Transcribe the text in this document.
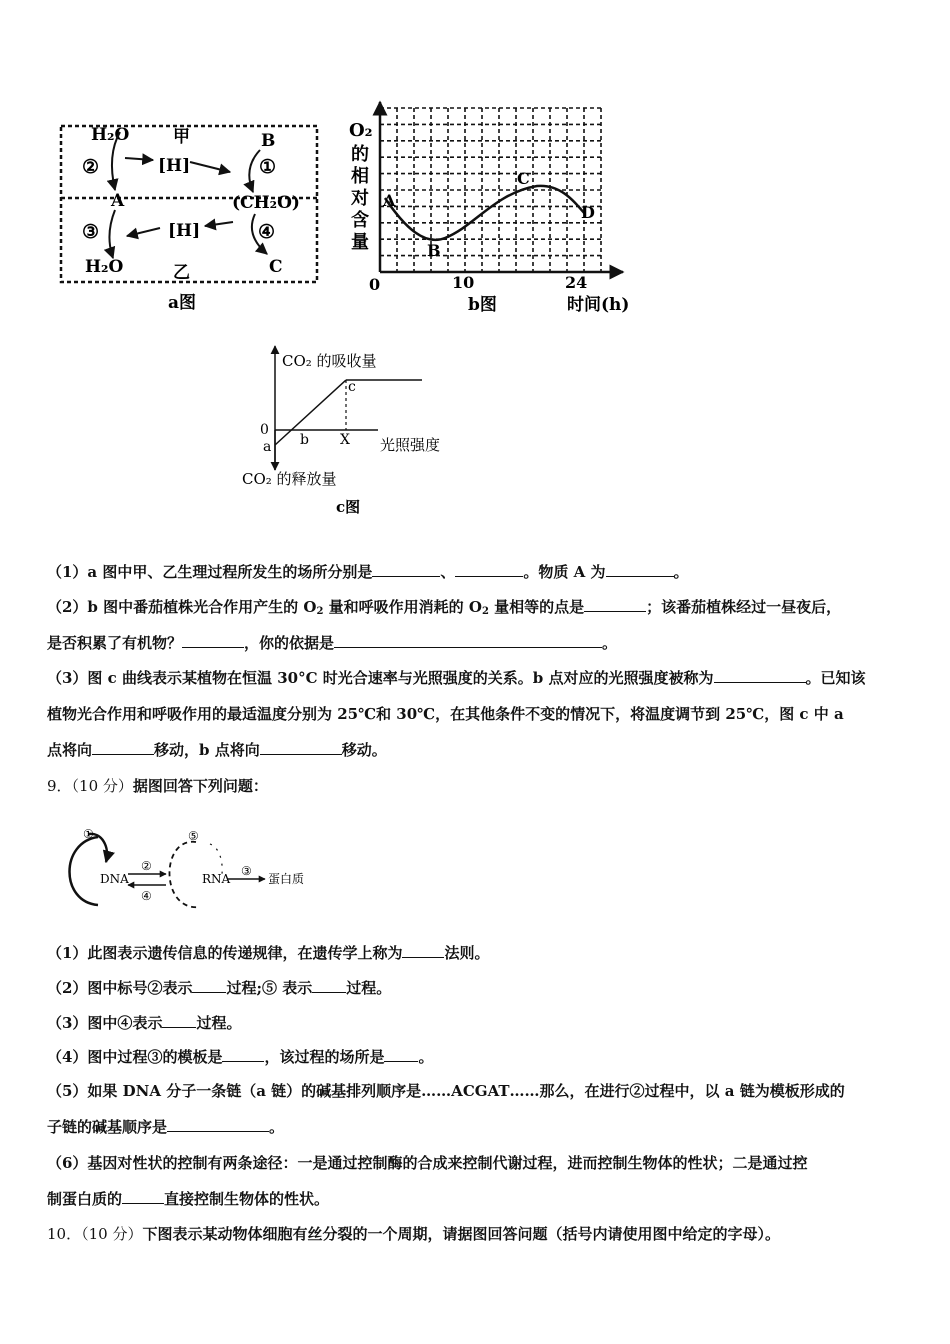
H₂O	甲	B
②	[H]	①
A	(CH₂O)
③	[H]	④
H₂O	乙	C
a图
O₂
的
相
对
含
量
A
B
C
D
0	10	24
b图	时间(h)
CO₂ 的吸收量
0
a b
c
X 光照强度
CO₂ 的释放量
c图
（1）a 图中甲、乙生理过程所发生的场所分别是	、	。物质 A 为	。
（2）b 图中番茄植株光合作用产生的 $O_2$ 量和呼吸作用消耗的 $O_2$ 量相等的点是	；该番茄植株经过一昼夜后，
是否积累了有机物？	，你的依据是	。
（3）图 c 曲线表示某植物在恒温 30°C 时光合速率与光照强度的关系。b 点对应的光照强度被称为	。已知该
植物光合作用和呼吸作用的最适温度分别为 25℃和 30℃，在其他条件不变的情况下，将温度调节到 25℃，图 c 中 a
点将向	移动，b 点将向	移动。
9．（10 分）据图回答下列问题：
①	⑤
DNA
②
④
RNA
③
蛋白质
（1）此图表示遗传信息的传递规律，在遗传学上称为	法则。
（2）图中标号②表示 过程;⑤ 表示 过程。
（3）图中④表示 过程。
（4）图中过程③的模板是	，该过程的场所是 。
（5）如果 DNA 分子一条链（a 链）的碱基排列顺序是……ACGAT……那么，在进行②过程中，以 a 链为模板形成的
子链的碱基顺序是	。
（6）基因对性状的控制有两条途径：一是通过控制酶的合成来控制代谢过程，进而控制生物体的性状；二是通过控
制蛋白质的	直接控制生物体的性状。
10．（10 分）下图表示某动物体细胞有丝分裂的一个周期，请据图回答问题（括号内请使用图中给定的字母）。
